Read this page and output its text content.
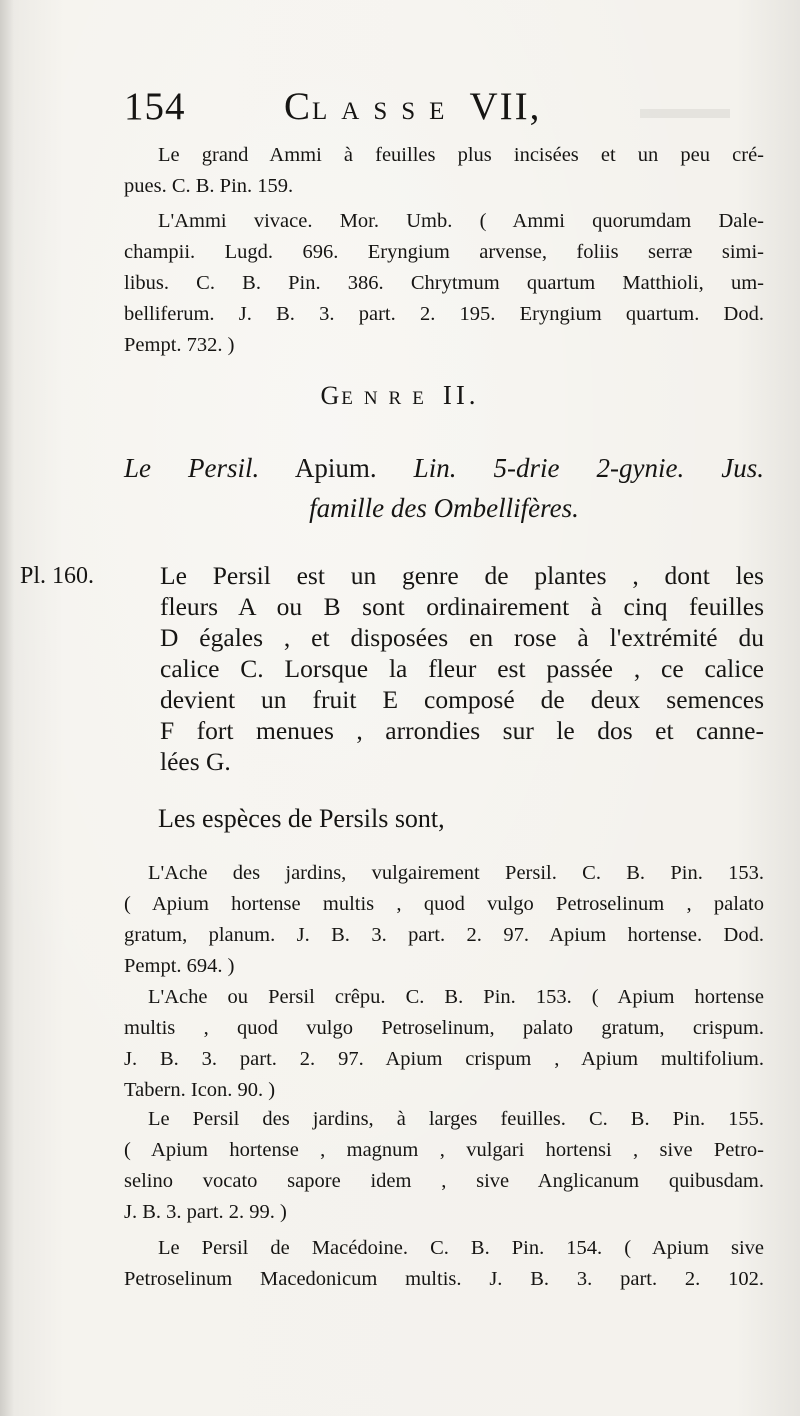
▬▬▬
154	CLASSE VII,
Le grand Ammi à feuilles plus incisées et un peu cré-
pues. C. B. Pin. 159.
L'Ammi vivace. Mor. Umb. ( Ammi quorumdam Dale-
champii. Lugd. 696. Eryngium arvense, foliis serræ simi-
libus. C. B. Pin. 386. Chrytmum quartum Matthioli, um-
belliferum. J. B. 3. part. 2. 195. Eryngium quartum. Dod.
Pempt. 732. )
GENRE II.
Le Persil. Apium. Lin. 5-drie 2-gynie. Jus.
famille des Ombellifères.
Pl. 160.	Le Persil est un genre de plantes , dont les
fleurs A ou B sont ordinairement à cinq feuilles
D égales , et disposées en rose à l'extrémité du
calice C. Lorsque la fleur est passée , ce calice
devient un fruit E composé de deux semences
F fort menues , arrondies sur le dos et canne-
lées G.
Les espèces de Persils sont,
L'Ache des jardins, vulgairement Persil. C. B. Pin. 153.
( Apium hortense multis , quod vulgo Petroselinum , palato
gratum, planum. J. B. 3. part. 2. 97. Apium hortense. Dod.
Pempt. 694. )
L'Ache ou Persil crêpu. C. B. Pin. 153. ( Apium hortense
multis , quod vulgo Petroselinum, palato gratum, crispum.
J. B. 3. part. 2. 97. Apium crispum , Apium multifolium.
Tabern. Icon. 90. )
Le Persil des jardins, à larges feuilles. C. B. Pin. 155.
( Apium hortense , magnum , vulgari hortensi , sive Petro-
selino vocato sapore idem , sive Anglicanum quibusdam.
J. B. 3. part. 2. 99. )
Le Persil de Macédoine. C. B. Pin. 154. ( Apium sive
Petroselinum Macedonicum multis. J. B. 3. part. 2. 102.
